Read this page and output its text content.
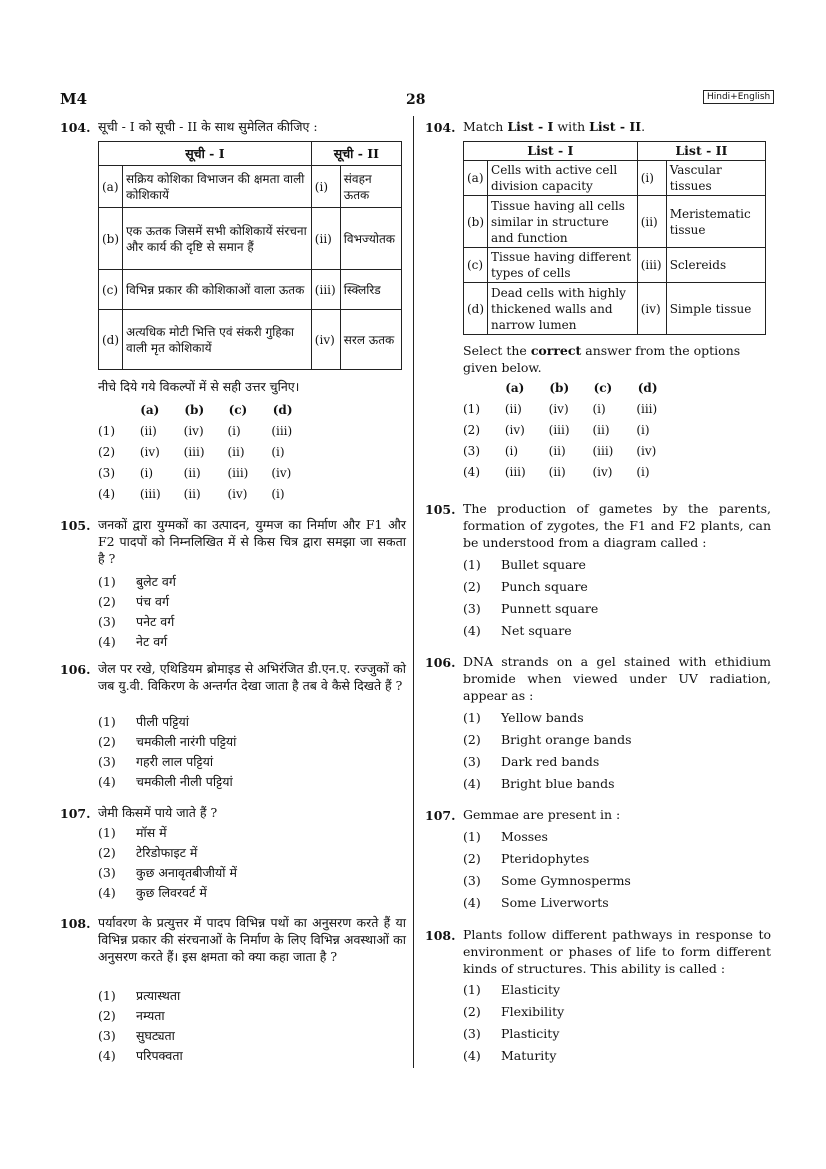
M4	28	Hindi+English
104. सूची - I को सूची - II के साथ सुमेलित कीजिए :
सूची - I		सूची - II	
(a)	सक्रिय कोशिका विभाजन की क्षमता वाली कोशिकायें	(i)	संवहन ऊतक
(b)	एक ऊतक जिसमें सभी कोशिकायें संरचना और कार्य की दृष्टि से समान हैं	(ii)	विभज्योतक
(c)	विभिन्न प्रकार की कोशिकाओं वाला ऊतक	(iii)	स्क्लिरिड
(d)	अत्यधिक मोटी भित्ति एवं संकरी गुहिका वाली मृत कोशिकायें	(iv)	सरल ऊतक
नीचे दिये गये विकल्पों में से सही उत्तर चुनिए।
(a) (b) (c) (d)
(1) (ii) (iv) (i)	(iii)
(2) (iv) (iii) (ii) (i)
(3) (i)	(ii) (iii) (iv)
(4) (iii) (ii) (iv) (i)
105. जनकों द्वारा युग्मकों का उत्पादन, युग्मज का निर्माण और F1 और F2 पादपों को निम्नलिखित में से किस चित्र द्वारा समझा जा सकता है ?
(1) बुलेट वर्ग
(2) पंच वर्ग
(3) पनेट वर्ग
(4) नेट वर्ग
106. जेल पर रखे, एथिडियम ब्रोमाइड से अभिरंजित डी.एन.ए. रज्जुकों को जब यु.वी. विकिरण के अन्तर्गत देखा जाता है तब वे कैसे दिखते हैं ?
(1) पीली पट्टियां
(2) चमकीली नारंगी पट्टियां
(3) गहरी लाल पट्टियां
(4) चमकीली नीली पट्टियां
107. जेमी किसमें पाये जाते हैं ?
(1) मॉस में
(2) टेरिडोफाइट में
(3) कुछ अनावृतबीजीयों में
(4) कुछ लिवरवर्ट में
108. पर्यावरण के प्रत्युत्तर में पादप विभिन्न पथों का अनुसरण करते हैं या विभिन्न प्रकार की संरचनाओं के निर्माण के लिए विभिन्न अवस्थाओं का अनुसरण करते हैं। इस क्षमता को क्या कहा जाता है ?
(1) प्रत्यास्थता
(2) नम्यता
(3) सुघट्यता
(4) परिपक्वता
104. Match List - I with List - II.
List - I		List - II	
(a)	Cells with active cell division capacity	(i)	Vascular tissues
(b)	Tissue having all cells similar in structure and function	(ii)	Meristematic tissue
(c)	Tissue having different types of cells	(iii)	Sclereids
(d)	Dead cells with highly thickened walls and narrow lumen	(iv)	Simple tissue
Select the correct answer from the options given below.
(a) (b) (c) (d)
(1) (ii) (iv) (i)	(iii)
(2) (iv) (iii) (ii) (i)
(3) (i)	(ii) (iii) (iv)
(4) (iii) (ii) (iv) (i)
105. The production of gametes by the parents, formation of zygotes, the F1 and F2 plants, can be understood from a diagram called :
(1) Bullet square
(2) Punch square
(3) Punnett square
(4) Net square
106. DNA strands on a gel stained with ethidium bromide when viewed under UV radiation, appear as :
(1) Yellow bands
(2) Bright orange bands
(3) Dark red bands
(4) Bright blue bands
107. Gemmae are present in :
(1) Mosses
(2) Pteridophytes
(3) Some Gymnosperms
(4) Some Liverworts
108. Plants follow different pathways in response to environment or phases of life to form different kinds of structures. This ability is called :
(1) Elasticity
(2) Flexibility
(3) Plasticity
(4) Maturity
